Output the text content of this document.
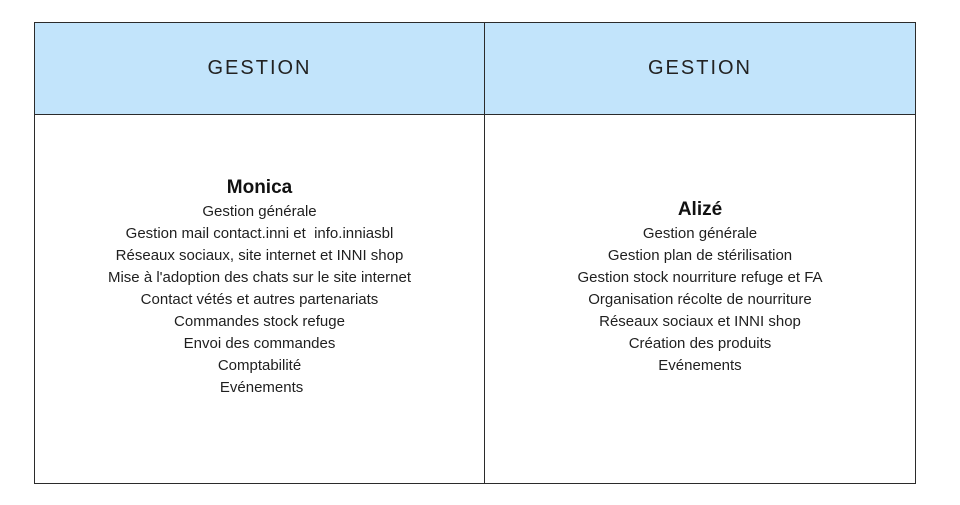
GESTION	GESTION
Monica
Gestion générale
Gestion mail contact.inni et  info.inniasbl
Réseaux sociaux, site internet et INNI shop
Mise à l'adoption des chats sur le site internet
Contact vétés et autres partenariats
Commandes stock refuge
Envoi des commandes
Comptabilité
Evénements
Alizé
Gestion générale
Gestion plan de stérilisation
Gestion stock nourriture refuge et FA
Organisation récolte de nourriture
Réseaux sociaux et INNI shop
Création des produits
Evénements
